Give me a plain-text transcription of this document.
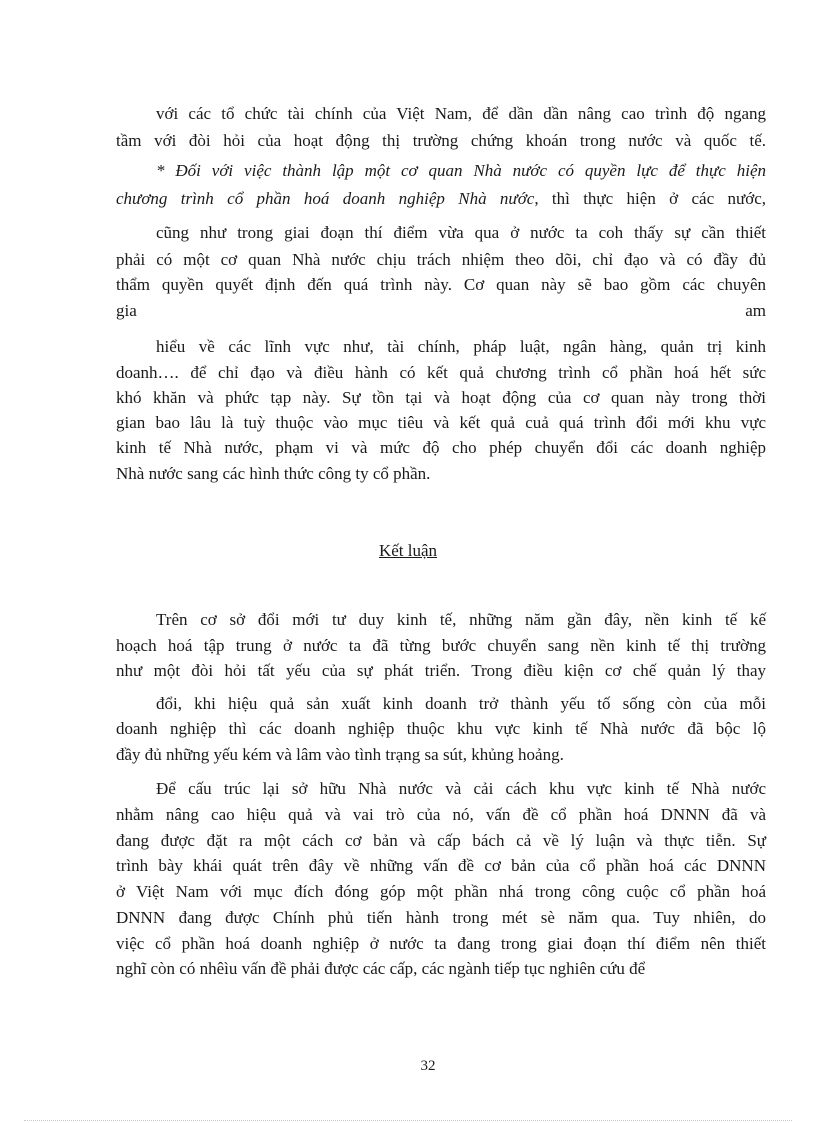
với các tổ chức tài chính của Việt Nam, để dần dần nâng cao trình độ ngang
tầm với đòi hỏi của hoạt động thị trường chứng khoán trong nước và quốc tế.
* Đối với việc thành lập một cơ quan Nhà nước có quyền lực để thực hiện
chương trình cổ phần hoá doanh nghiệp Nhà nước, thì thực hiện ở các nước,
cũng như trong giai đoạn thí điểm vừa qua ở nước ta coh thấy sự cần thiết
phải có một cơ quan Nhà nước chịu trách nhiệm theo dõi, chỉ đạo và có đầy đủ
thẩm quyền quyết định đến quá trình này. Cơ quan này sẽ bao gồm các chuyên
gia	am
hiểu về các lĩnh vực như, tài chính, pháp luật, ngân hàng, quản trị kinh
doanh…. để chỉ đạo và điều hành có kết quả chương trình cổ phần hoá hết sức
khó khăn và phức tạp này. Sự tồn tại và hoạt động của cơ quan này trong thời
gian bao lâu là tuỳ thuộc vào mục tiêu và kết quả cuả quá trình đổi mới khu vực
kinh tế Nhà nước, phạm vi và mức độ cho phép chuyển đổi các doanh nghiệp
Nhà nước sang các hình thức công ty cổ phần.
Kết luận
Trên cơ sở đổi mới tư duy kinh tế, những năm gần đây, nền kinh tế kế
hoạch hoá tập trung ở nước ta đã từng bước chuyển sang nền kinh tế thị trường
như một đòi hỏi tất yếu của sự phát triển. Trong điều kiện cơ chế quản lý thay
đổi, khi hiệu quả sản xuất kinh doanh trở thành yếu tố sống còn của mỗi
doanh nghiệp thì các doanh nghiệp thuộc khu vực kinh tế Nhà nước đã bộc lộ
đầy đủ những yếu kém và lâm vào tình trạng sa sút, khủng hoảng.
Để cấu trúc lại sở hữu Nhà nước và cải cách khu vực kinh tế Nhà nước
nhằm nâng cao hiệu quả và vai trò của nó, vấn đề cổ phần hoá DNNN đã và
đang được đặt ra một cách cơ bản và cấp bách cả về lý luận và thực tiễn. Sự
trình bày khái quát trên đây về những vấn đề cơ bản của cổ phần hoá các DNNN
ở Việt Nam với mục đích đóng góp một phần nhá trong công cuộc cổ phần hoá
DNNN đang được Chính phủ tiến hành trong mét sè năm qua. Tuy nhiên, do
việc cổ phần hoá doanh nghiệp ở nước ta đang trong giai đoạn thí điểm nên thiết
nghĩ còn có nhêìu vấn đề phải được các cấp, các ngành tiếp tục nghiên cứu để
32
